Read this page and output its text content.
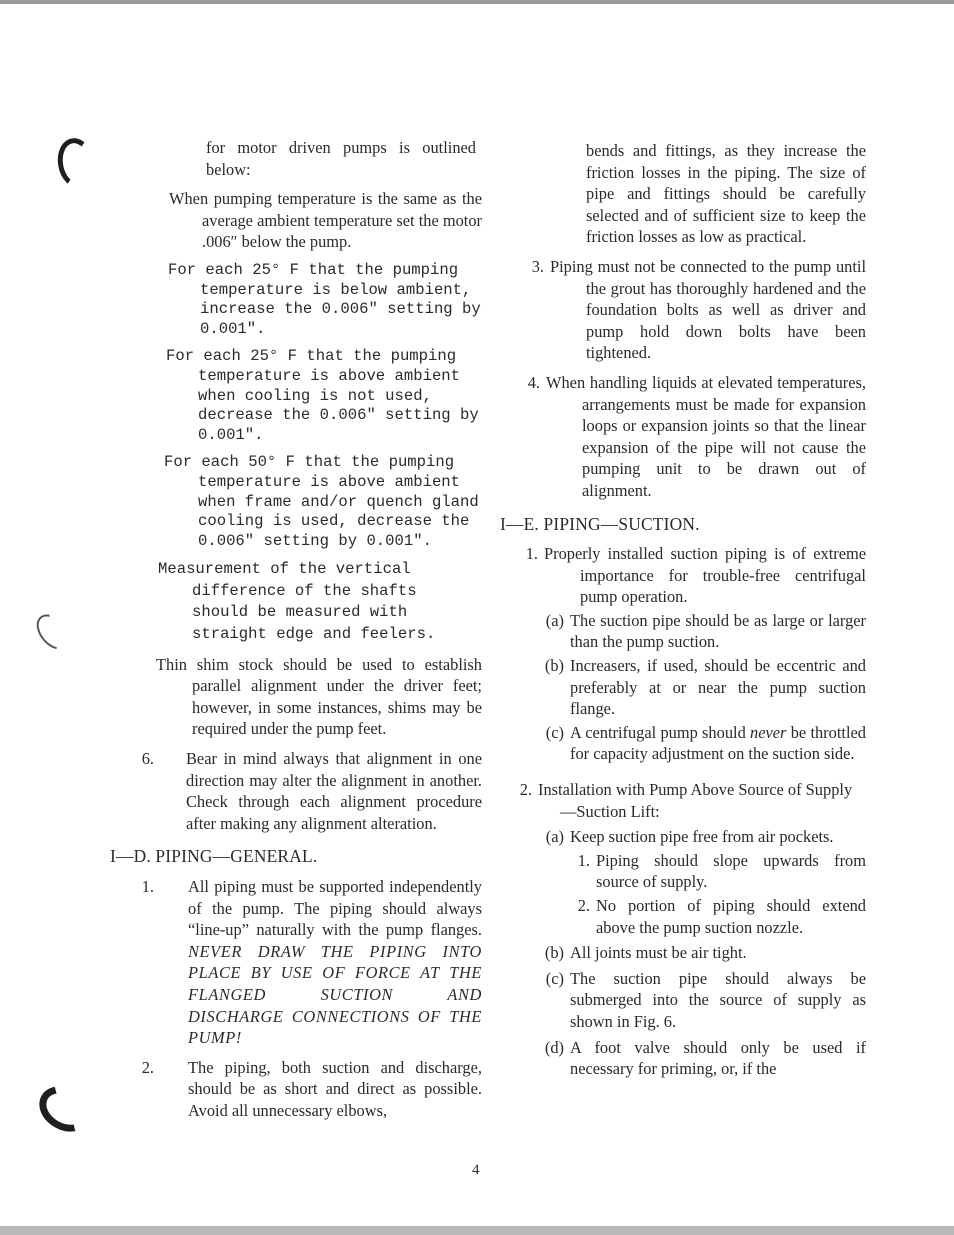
for motor driven pumps is outlined below:

When pumping temperature is the same as the average ambient temperature set the motor .006″ below the pump.

For each 25° F that the pumping temperature is below ambient, increase the 0.006″ setting by 0.001″.

For each 25° F that the pumping temperature is above ambient when cooling is not used, decrease the 0.006″ setting by 0.001″.

For each 50° F that the pumping temperature is above ambient when frame and/or quench gland cooling is used, decrease the 0.006″ setting by 0.001″.

Measurement of the vertical difference of the shafts should be measured with straight edge and feelers.

Thin shim stock should be used to establish parallel alignment under the driver feet; however, in some instances, shims may be required under the pump feet.

6.	Bear in mind always that alignment in one direction may alter the alignment in another. Check through each alignment procedure after making any alignment alteration.
I—D. PIPING—GENERAL.
1.	All piping must be supported independently of the pump. The piping should always “line-up” naturally with the pump flanges. NEVER DRAW THE PIPING INTO PLACE BY USE OF FORCE AT THE FLANGED SUCTION AND DISCHARGE CONNECTIONS OF THE PUMP!
2.	The piping, both suction and discharge, should be as short and direct as possible. Avoid all unnecessary elbows,

bends and fittings, as they increase the friction losses in the piping. The size of pipe and fittings should be carefully selected and of sufficient size to keep the friction losses as low as practical.

3. Piping must not be connected to the pump until the grout has thoroughly hardened and the foundation bolts as well as driver and pump hold down bolts have been tightened.
4. When handling liquids at elevated temperatures, arrangements must be made for expansion loops or expansion joints so that the linear expansion of the pipe will not cause the pumping unit to be drawn out of alignment.
I—E. PIPING—SUCTION.
1. Properly installed suction piping is of extreme importance for trouble-free centrifugal pump operation.
(a) The suction pipe should be as large or larger than the pump suction.
(b) Increasers, if used, should be eccentric and preferably at or near the pump suction flange.
(c) A centrifugal pump should never be throttled for capacity adjustment on the suction side.
2. Installation with Pump Above Source of Supply—Suction Lift:
(a) Keep suction pipe free from air pockets.
1. Piping should slope upwards from source of supply.
2. No portion of piping should extend above the pump suction nozzle.
(b) All joints must be air tight.
(c) The suction pipe should always be submerged into the source of supply as shown in Fig. 6.
(d) A foot valve should only be used if necessary for priming, or, if the
4
